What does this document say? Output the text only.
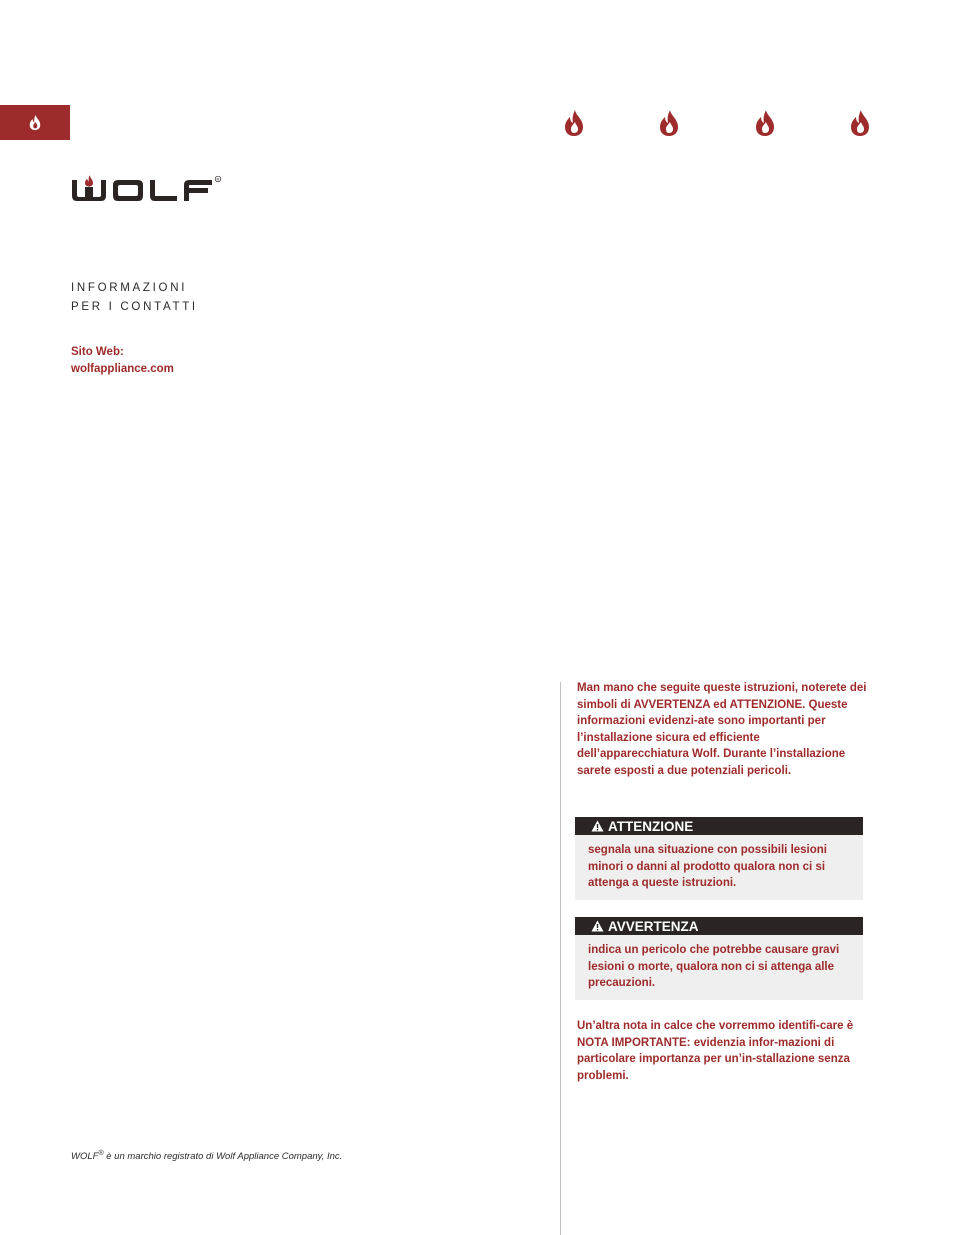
R

INFORMAZIONI
PER I CONTATTI

Sito Web:
wolfappliance.com

Man mano che seguite queste istruzioni, noterete dei simboli di AVVERTENZA ed ATTENZIONE. Queste informazioni evidenzi-ate sono importanti per l’installazione sicura ed efficiente dell’apparecchiatura Wolf. Durante l’installazione sarete esposti a due potenziali pericoli.

ATTENZIONE

segnala una situazione con possibili lesioni minori o danni al prodotto qualora non ci si attenga a queste istruzioni.

AVVERTENZA

indica un pericolo che potrebbe causare gravi lesioni o morte, qualora non ci si attenga alle precauzioni.

Un’altra nota in calce che vorremmo identifi-care è NOTA IMPORTANTE: evidenzia infor-mazioni di particolare importanza per un’in-stallazione senza problemi.

WOLF® è un marchio registrato di Wolf Appliance Company, Inc.
